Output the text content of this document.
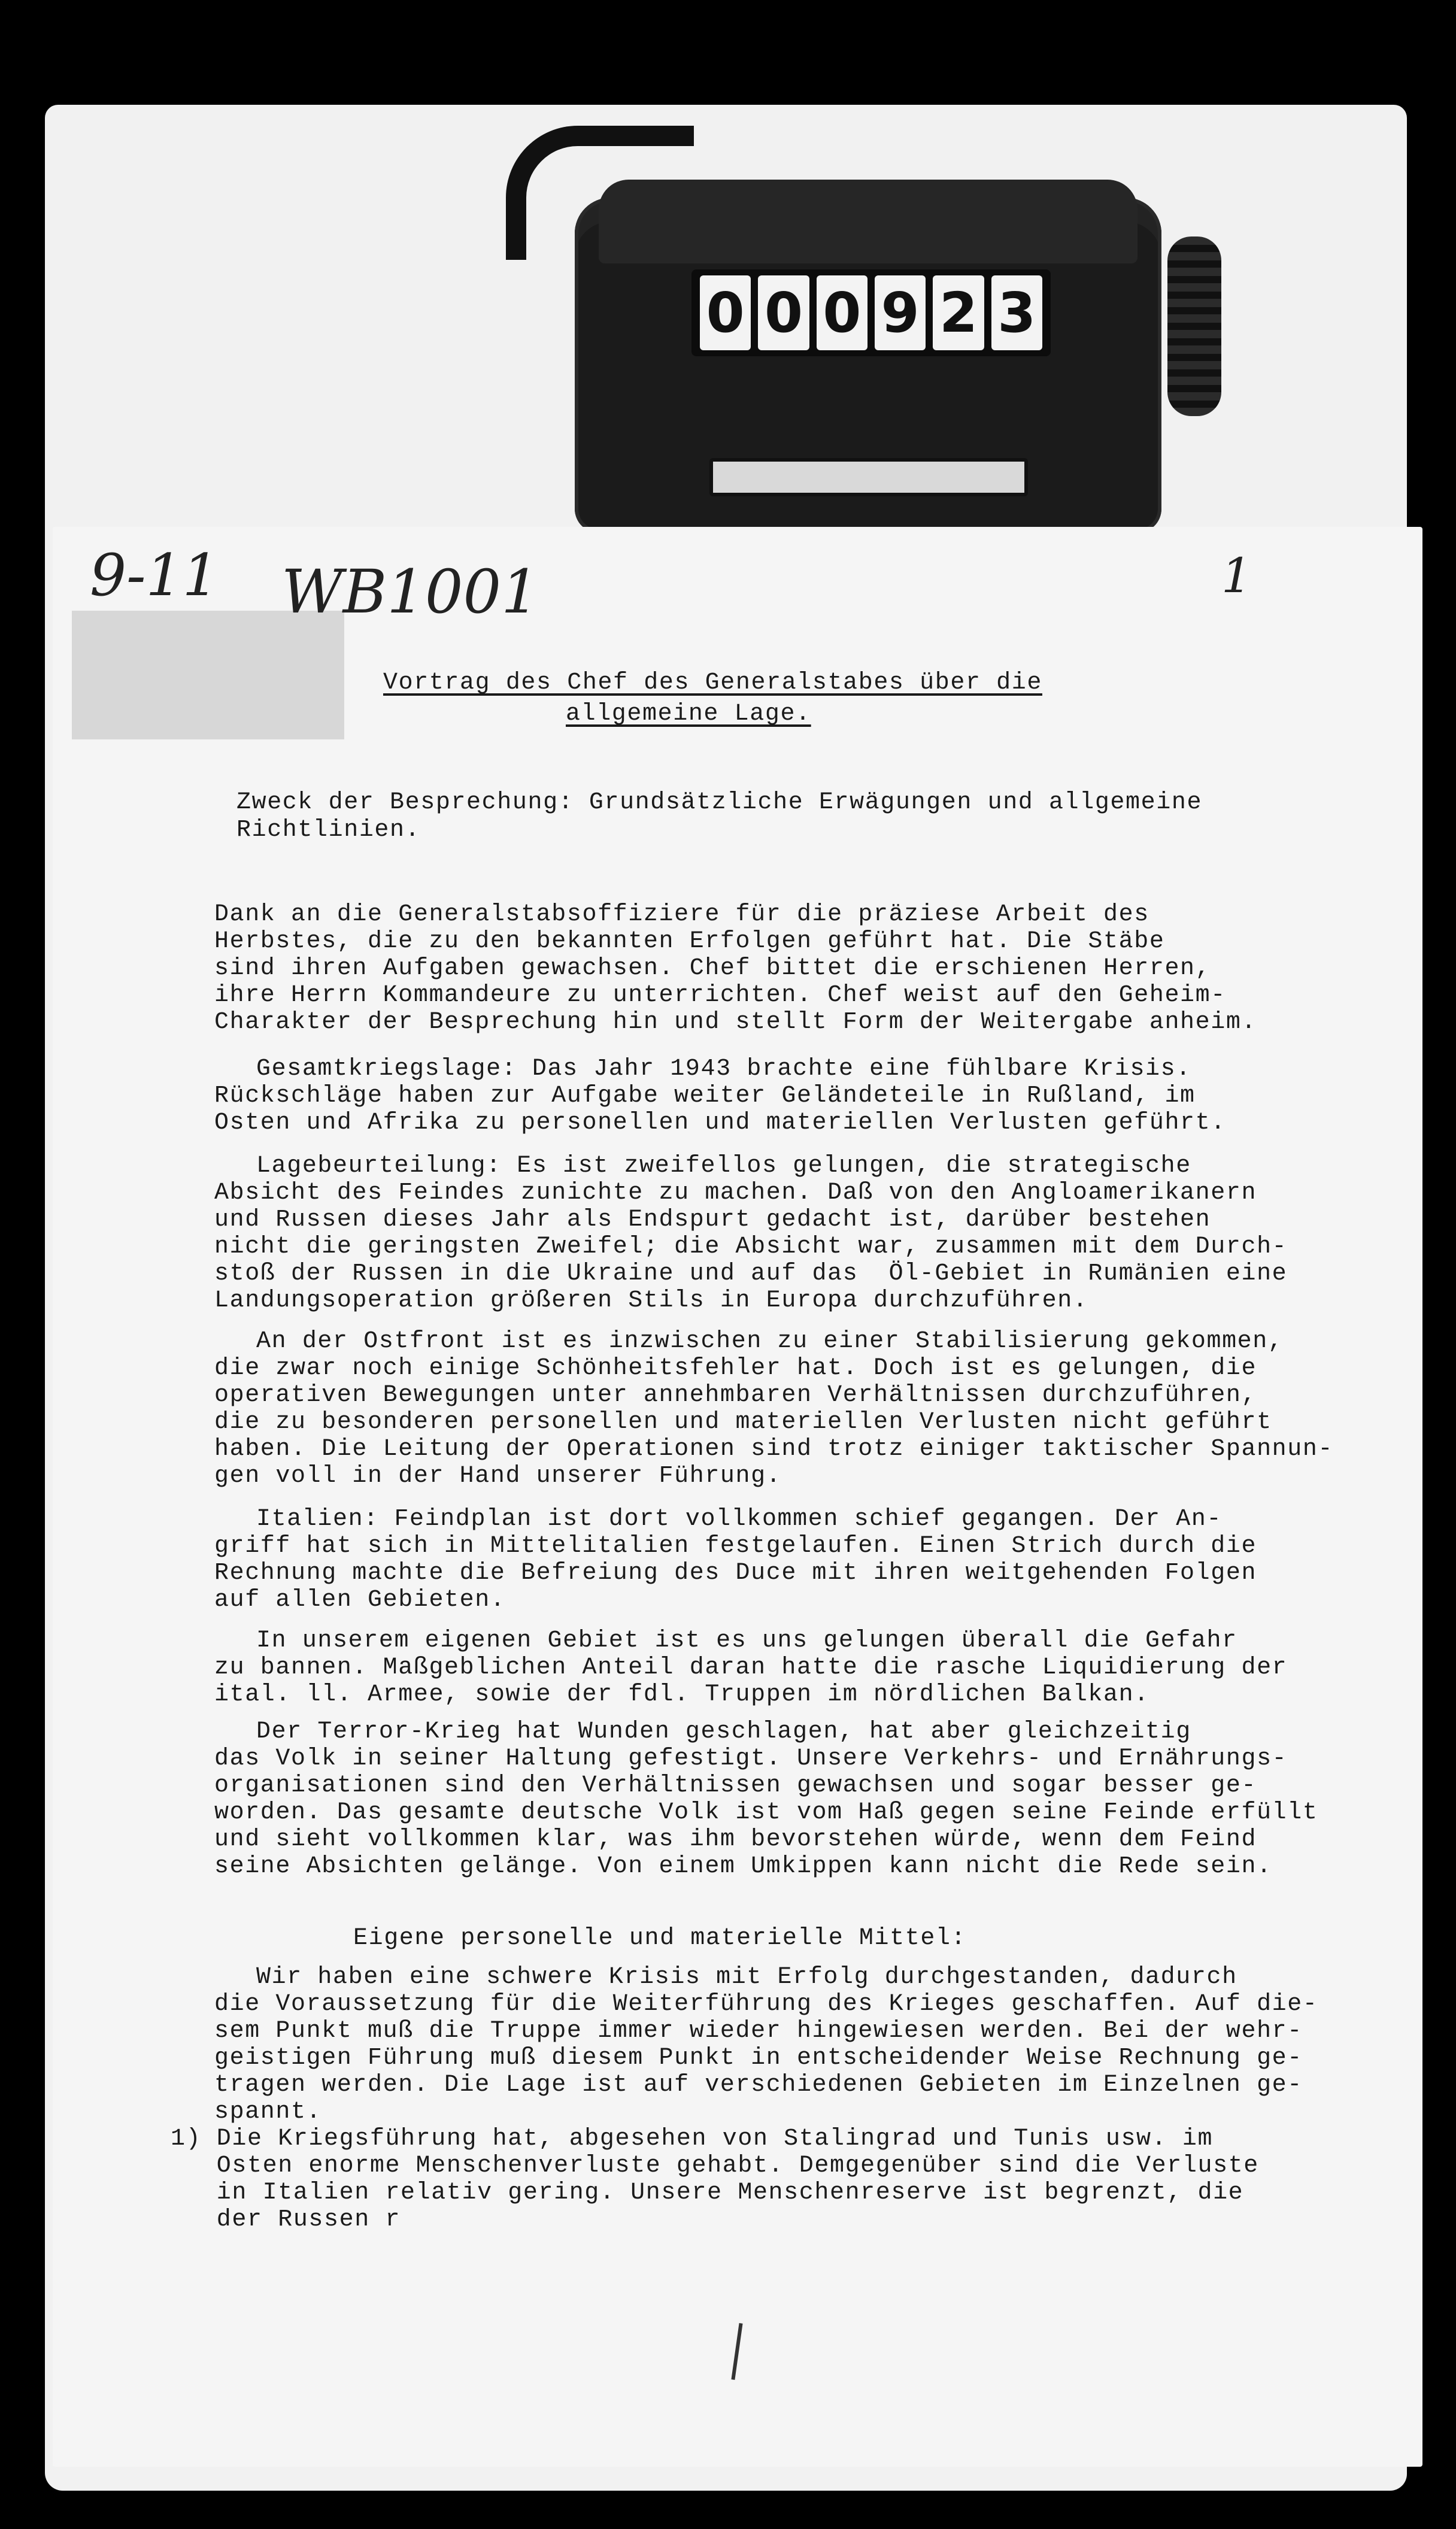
0 0 0 9 2 3
9-11 WB1001	1
Vortrag des Chef des Generalstabes über die
allgemeine Lage.
Zweck der Besprechung: Grundsätzliche Erwägungen und allgemeine
Richtlinien.
Dank an die Generalstabsoffiziere für die präziese Arbeit des
Herbstes, die zu den bekannten Erfolgen geführt hat. Die Stäbe
sind ihren Aufgaben gewachsen. Chef bittet die erschienen Herren,
ihre Herrn Kommandeure zu unterrichten. Chef weist auf den Geheim-
Charakter der Besprechung hin und stellt Form der Weitergabe anheim.
Gesamtkriegslage: Das Jahr 1943 brachte eine fühlbare Krisis.
Rückschläge haben zur Aufgabe weiter Geländeteile in Rußland, im
Osten und Afrika zu personellen und materiellen Verlusten geführt.
Lagebeurteilung: Es ist zweifellos gelungen, die strategische
Absicht des Feindes zunichte zu machen. Daß von den Angloamerikanern
und Russen dieses Jahr als Endspurt gedacht ist, darüber bestehen
nicht die geringsten Zweifel; die Absicht war, zusammen mit dem Durch-
stoß der Russen in die Ukraine und auf das  Öl-Gebiet in Rumänien eine
Landungsoperation größeren Stils in Europa durchzuführen.
An der Ostfront ist es inzwischen zu einer Stabilisierung gekommen,
die zwar noch einige Schönheitsfehler hat. Doch ist es gelungen, die
operativen Bewegungen unter annehmbaren Verhältnissen durchzuführen,
die zu besonderen personellen und materiellen Verlusten nicht geführt
haben. Die Leitung der Operationen sind trotz einiger taktischer Spannun-
gen voll in der Hand unserer Führung.
Italien: Feindplan ist dort vollkommen schief gegangen. Der An-
griff hat sich in Mittelitalien festgelaufen. Einen Strich durch die
Rechnung machte die Befreiung des Duce mit ihren weitgehenden Folgen
auf allen Gebieten.
In unserem eigenen Gebiet ist es uns gelungen überall die Gefahr
zu bannen. Maßgeblichen Anteil daran hatte die rasche Liquidierung der
ital. ll. Armee, sowie der fdl. Truppen im nördlichen Balkan.
Der Terror-Krieg hat Wunden geschlagen, hat aber gleichzeitig
das Volk in seiner Haltung gefestigt. Unsere Verkehrs- und Ernährungs-
organisationen sind den Verhältnissen gewachsen und sogar besser ge-
worden. Das gesamte deutsche Volk ist vom Haß gegen seine Feinde erfüllt
und sieht vollkommen klar, was ihm bevorstehen würde, wenn dem Feind
seine Absichten gelänge. Von einem Umkippen kann nicht die Rede sein.
Eigene personelle und materielle Mittel:
Wir haben eine schwere Krisis mit Erfolg durchgestanden, dadurch
die Voraussetzung für die Weiterführung des Krieges geschaffen. Auf die-
sem Punkt muß die Truppe immer wieder hingewiesen werden. Bei der wehr-
geistigen Führung muß diesem Punkt in entscheidender Weise Rechnung ge-
tragen werden. Die Lage ist auf verschiedenen Gebieten im Einzelnen ge-
spannt.
1) Die Kriegsführung hat, abgesehen von Stalingrad und Tunis usw. im
Osten enorme Menschenverluste gehabt. Demgegenüber sind die Verluste
in Italien relativ gering. Unsere Menschenreserve ist begrenzt, die
der Russen r
